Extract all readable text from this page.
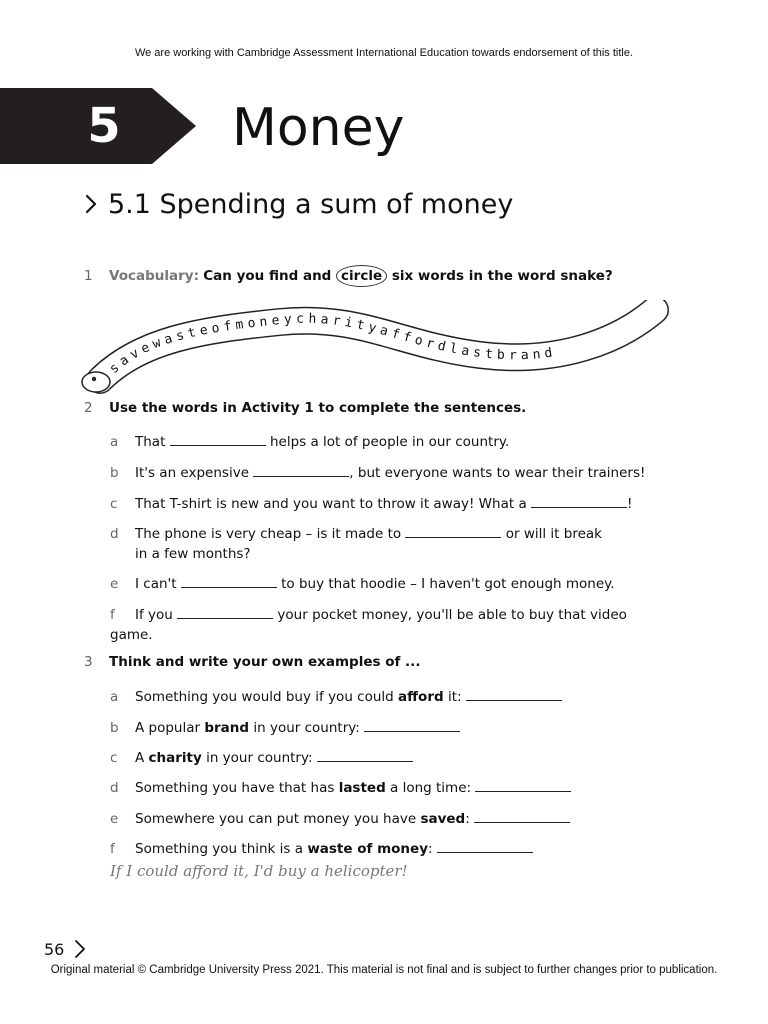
We are working with Cambridge Assessment International Education towards endorsement of this title.
5 Money
5.1 Spending a sum of money
1 Vocabulary: Can you find and circle six words in the word snake?
savewasteofmoneycharityaffordlastbrand
2 Use the words in Activity 1 to complete the sentences.
a That	helps a lot of people in our country.
b It's an expensive	, but everyone wants to wear their trainers!
c That T-shirt is new and you want to throw it away! What a	!
d The phone is very cheap – is it made to	or will it break
in a few months?
e I can't	to buy that hoodie – I haven't got enough money.
f If you	your pocket money, you'll be able to buy that video game.
3 Think and write your own examples of ...
a Something you would buy if you could afford it:
b A popular brand in your country:
c A charity in your country:
d Something you have that has lasted a long time:
e Somewhere you can put money you have saved:
f Something you think is a waste of money:
If I could afford it, I'd buy a helicopter!
56
Original material © Cambridge University Press 2021. This material is not final and is subject to further changes prior to publication.
